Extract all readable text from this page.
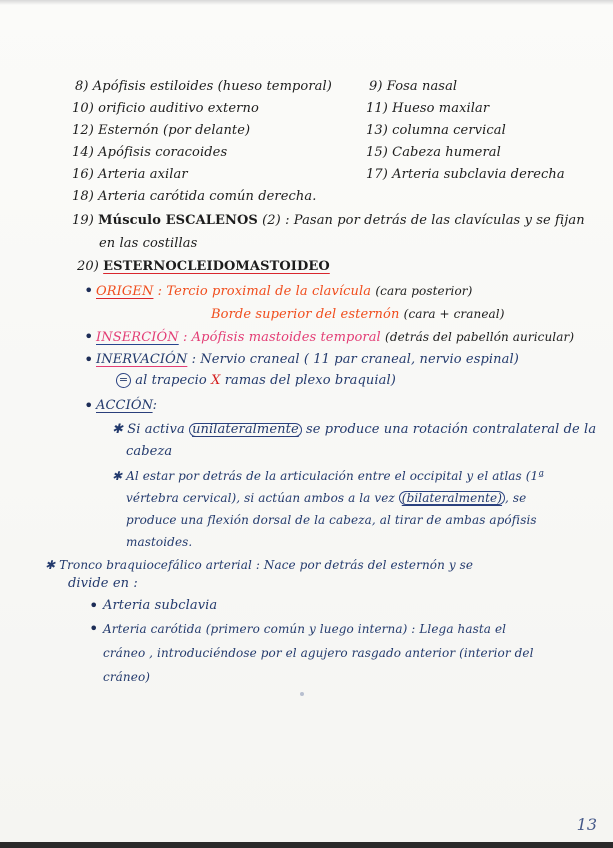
8) Apófisis estiloides (hueso temporal)	9) Fosa nasal
10) orificio auditivo externo	11) Hueso maxilar
12) Esternón (por delante)	13) columna cervical
14) Apófisis coracoides	15) Cabeza humeral
16) Arteria axilar	17) Arteria subclavia derecha
18) Arteria carótida común derecha.
19) Músculo ESCALENOS (2) : Pasan por detrás de las clavículas y se fijan
en las costillas
20) ESTERNOCLEIDOMASTOIDEO
• ORIGEN : Tercio proximal de la clavícula (cara posterior)
Borde superior del esternón (cara + craneal)
• INSERCIÓN : Apófisis mastoides temporal (detrás del pabellón auricular)
• INERVACIÓN : Nervio craneal ( 11 par craneal, nervio espinal)
= al trapecio X ramas del plexo braquial)
• ACCIÓN:
✱ Si activa unilateralmente se produce una rotación contralateral de la
cabeza
✱ Al estar por detrás de la articulación entre el occipital y el atlas (1ª
vértebra cervical), si actúan ambos a la vez (bilateralmente) , se
produce una flexión dorsal de la cabeza, al tirar de ambas apófisis
mastoides.
✱ Tronco braquiocefálico arterial : Nace por detrás del esternón y se
divide en :
• Arteria subclavia
• Arteria carótida (primero común y luego interna) : Llega hasta el
cráneo , introduciéndose por el agujero rasgado anterior (interior del
cráneo)
13
